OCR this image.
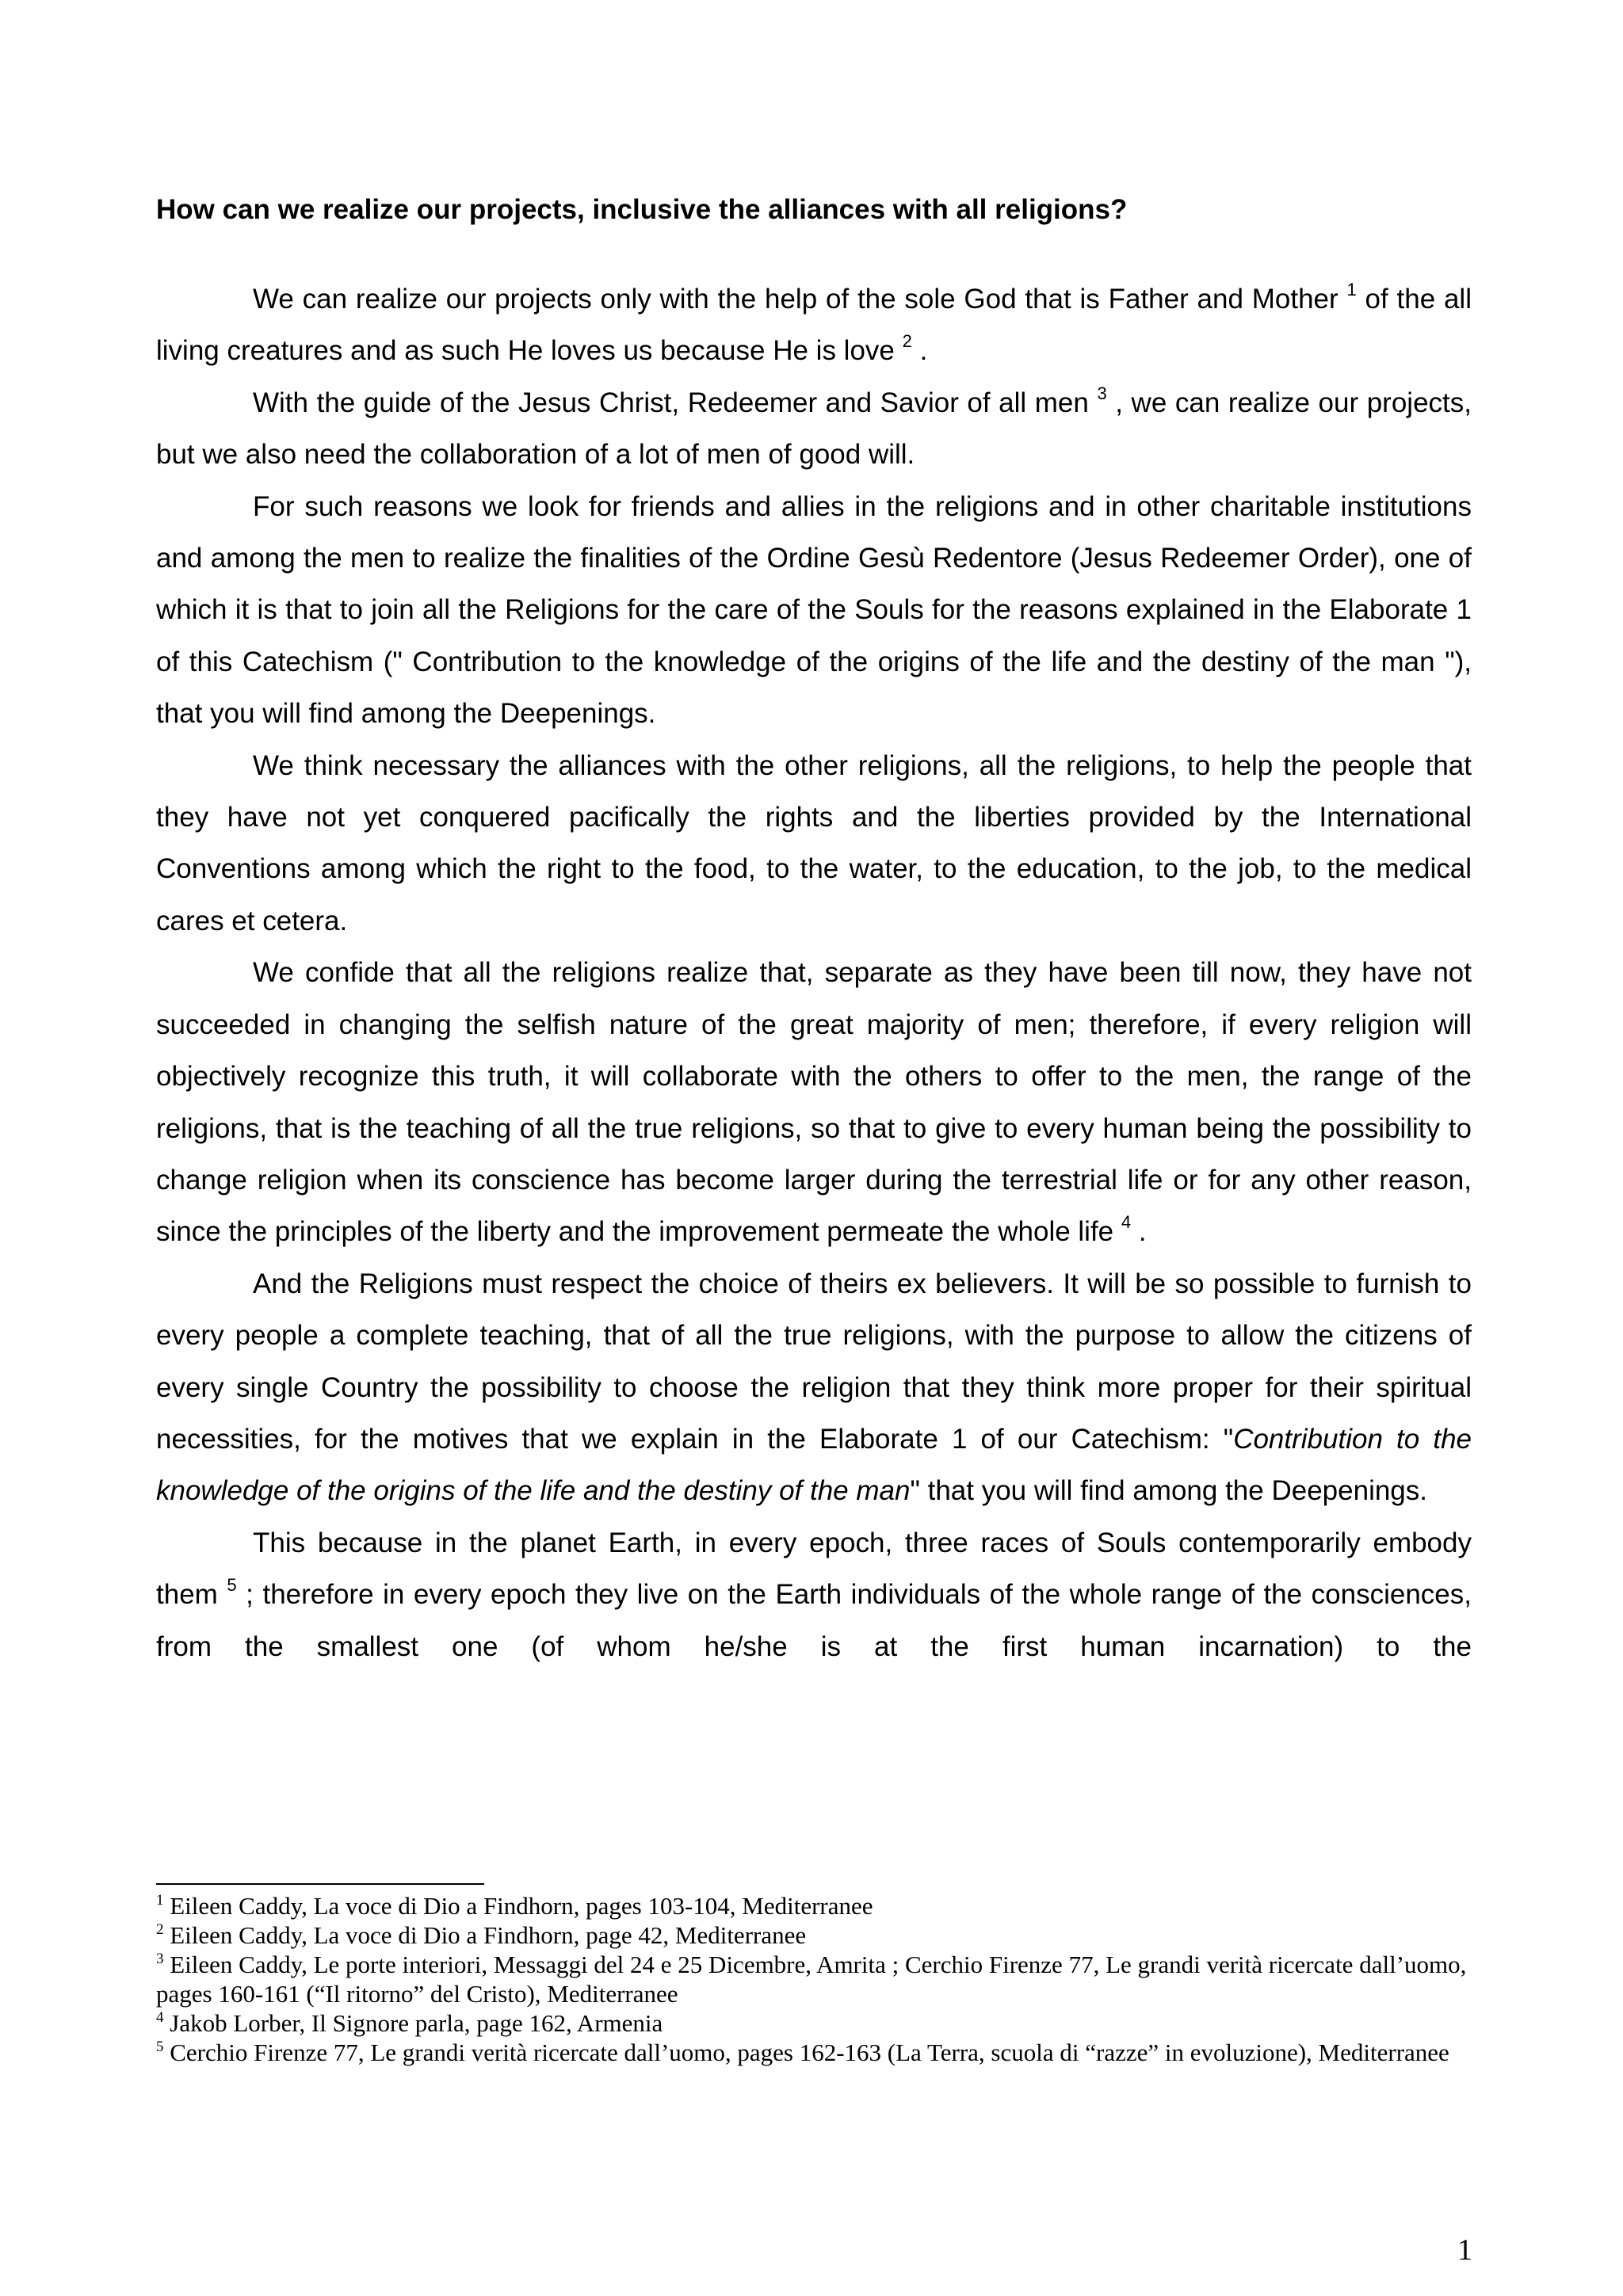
How can we realize our projects, inclusive the alliances with all religions?

We can realize our projects only with the help of the sole God that is Father and Mother $^1$ of the all living creatures and as such He loves us because He is love $^2$ .

With the guide of the Jesus Christ, Redeemer and Savior of all men $^3$ , we can realize our projects, but we also need the collaboration of a lot of men of good will.

For such reasons we look for friends and allies in the religions and in other charitable institutions and among the men to realize the finalities of the Ordine Gesù Redentore (Jesus Redeemer Order), one of which it is that to join all the Religions for the care of the Souls for the reasons explained in the Elaborate 1 of this Catechism (" Contribution to the knowledge of the origins of the life and the destiny of the man "), that you will find among the Deepenings.

We think necessary the alliances with the other religions, all the religions, to help the people that they have not yet conquered pacifically the rights and the liberties provided by the International Conventions among which the right to the food, to the water, to the education, to the job, to the medical cares et cetera.

We confide that all the religions realize that, separate as they have been till now, they have not succeeded in changing the selfish nature of the great majority of men; therefore, if every religion will objectively recognize this truth, it will collaborate with the others to offer to the men, the range of the religions, that is the teaching of all the true religions, so that to give to every human being the possibility to change religion when its conscience has become larger during the terrestrial life or for any other reason, since the principles of the liberty and the improvement permeate the whole life $^4$ .

And the Religions must respect the choice of theirs ex believers. It will be so possible to furnish to every people a complete teaching, that of all the true religions, with the purpose to allow the citizens of every single Country the possibility to choose the religion that they think more proper for their spiritual necessities, for the motives that we explain in the Elaborate 1 of our Catechism: "Contribution to the knowledge of the origins of the life and the destiny of the man" that you will find among the Deepenings.

This because in the planet Earth, in every epoch, three races of Souls contemporarily embody them $^5$ ; therefore in every epoch they live on the Earth individuals of the whole range of the consciences, from the smallest one (of whom he/she is at the first human incarnation) to the

$^1$ Eileen Caddy, La voce di Dio a Findhorn, pages 103-104, Mediterranee

$^2$ Eileen Caddy, La voce di Dio a Findhorn, page 42, Mediterranee

$^3$ Eileen Caddy, Le porte interiori, Messaggi del 24 e 25 Dicembre, Amrita ; Cerchio Firenze 77, Le grandi verità ricercate dall’uomo, pages 160-161 (“Il ritorno” del Cristo), Mediterranee

$^4$ Jakob Lorber, Il Signore parla, page 162, Armenia

$^5$ Cerchio Firenze 77, Le grandi verità ricercate dall’uomo, pages 162-163 (La Terra, scuola di “razze” in evoluzione), Mediterranee

1
